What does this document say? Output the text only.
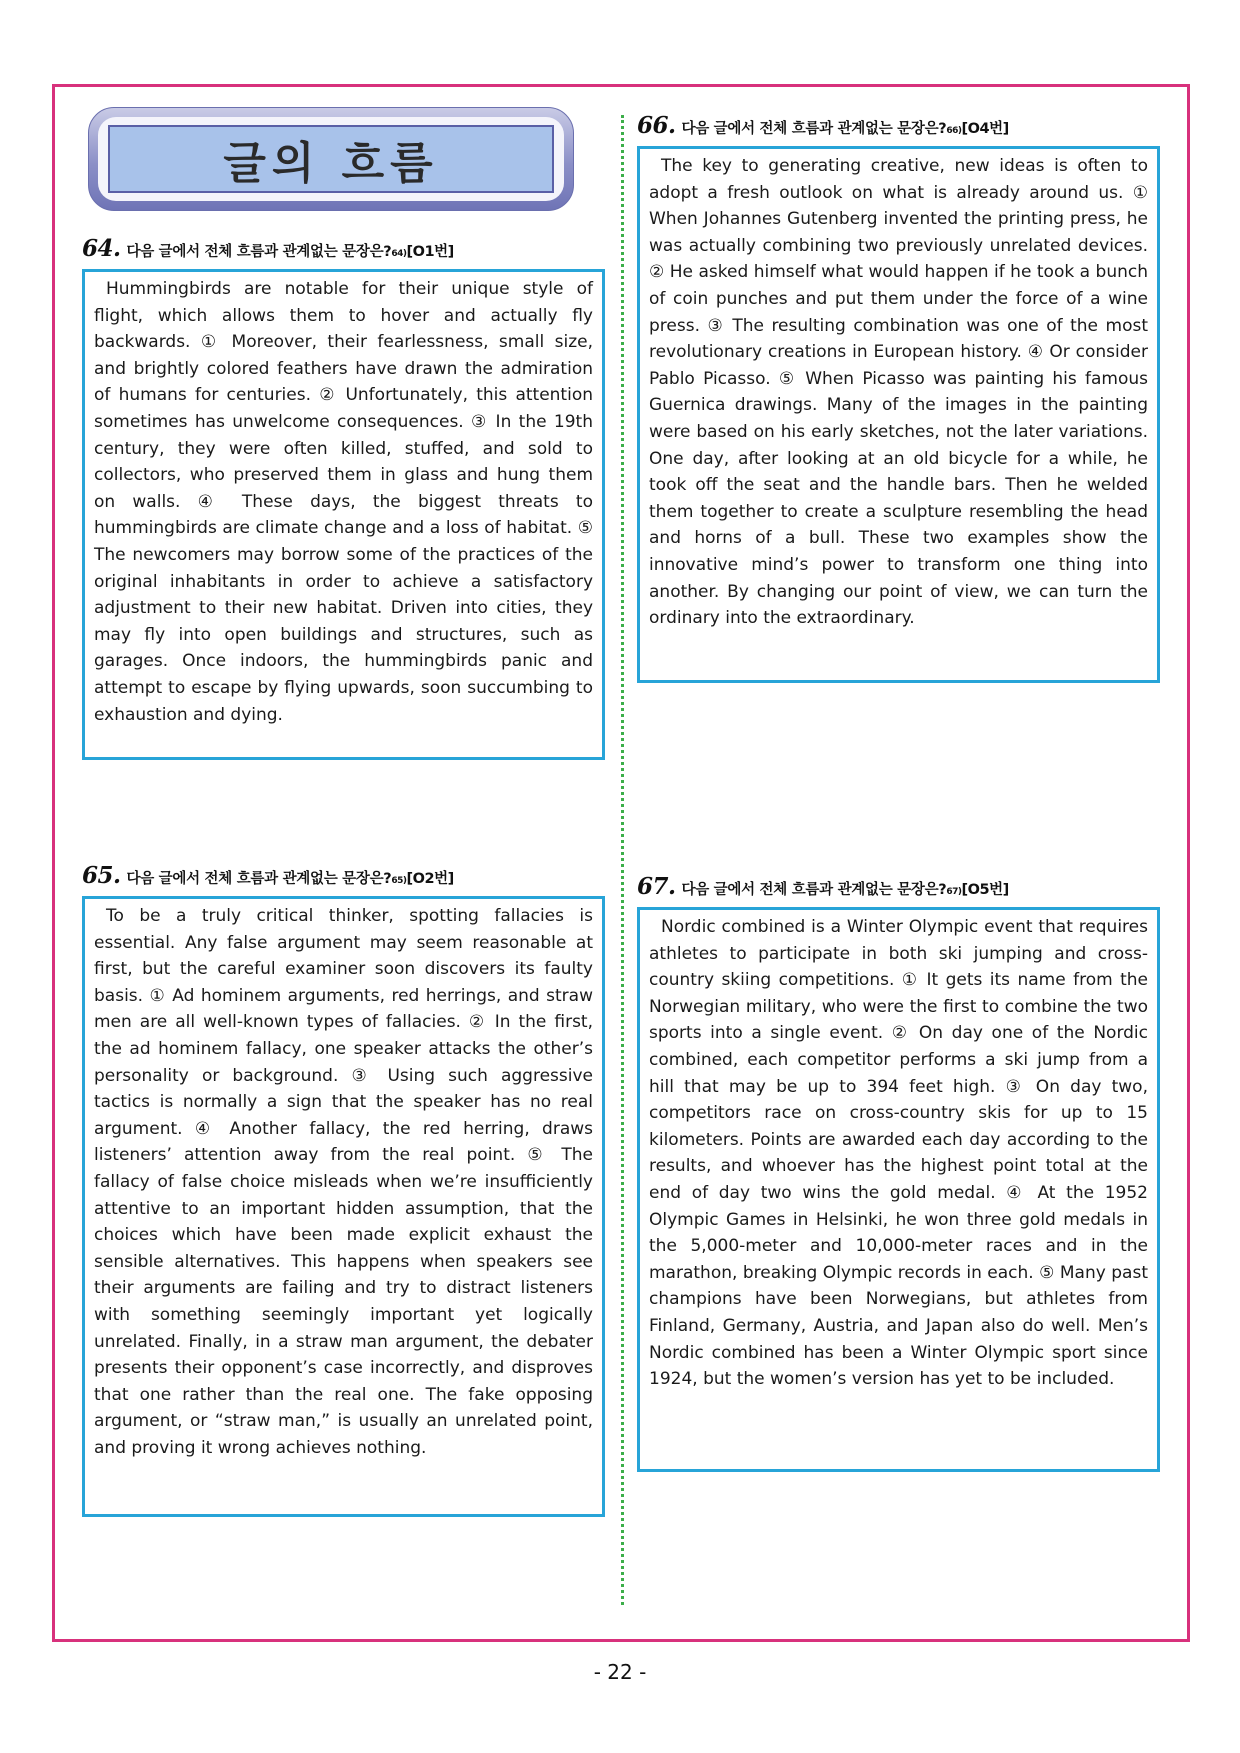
글의 흐름
64. 다음 글에서 전체 흐름과 관계없는 문장은$?_{64)}$ [O1번]

Hummingbirds are notable for their unique style of flight, which allows them to hover and actually fly backwards. ① Moreover, their fearlessness, small size, and brightly colored feathers have drawn the admiration of humans for centuries. ② Unfortunately, this attention sometimes has unwelcome consequences. ③ In the 19th century, they were often killed, stuffed, and sold to collectors, who preserved them in glass and hung them on walls. ④ These days, the biggest threats to hummingbirds are climate change and a loss of habitat. ⑤ The newcomers may borrow some of the practices of the original inhabitants in order to achieve a satisfactory adjustment to their new habitat. Driven into cities, they may fly into open buildings and structures, such as garages. Once indoors, the hummingbirds panic and attempt to escape by flying upwards, soon succumbing to exhaustion and dying.

65. 다음 글에서 전체 흐름과 관계없는 문장은$?_{65)}$ [O2번]

To be a truly critical thinker, spotting fallacies is essential. Any false argument may seem reasonable at first, but the careful examiner soon discovers its faulty basis. ① Ad hominem arguments, red herrings, and straw men are all well-known types of fallacies. ② In the first, the ad hominem fallacy, one speaker attacks the other’s personality or background. ③ Using such aggressive tactics is normally a sign that the speaker has no real argument. ④ Another fallacy, the red herring, draws listeners’ attention away from the real point. ⑤ The fallacy of false choice misleads when we’re insufficiently attentive to an important hidden assumption, that the choices which have been made explicit exhaust the sensible alternatives. This happens when speakers see their arguments are failing and try to distract listeners with something seemingly important yet logically unrelated. Finally, in a straw man argument, the debater presents their opponent’s case incorrectly, and disproves that one rather than the real one. The fake opposing argument, or “straw man,” is usually an unrelated point, and proving it wrong achieves nothing.

66. 다음 글에서 전체 흐름과 관계없는 문장은$?_{66)}$ [O4번]

The key to generating creative, new ideas is often to adopt a fresh outlook on what is already around us. ① When Johannes Gutenberg invented the printing press, he was actually combining two previously unrelated devices. ② He asked himself what would happen if he took a bunch of coin punches and put them under the force of a wine press. ③ The resulting combination was one of the most revolutionary creations in European history. ④ Or consider Pablo Picasso. ⑤ When Picasso was painting his famous Guernica drawings. Many of the images in the painting were based on his early sketches, not the later variations. One day, after looking at an old bicycle for a while, he took off the seat and the handle bars. Then he welded them together to create a sculpture resembling the head and horns of a bull. These two examples show the innovative mind’s power to transform one thing into another. By changing our point of view, we can turn the ordinary into the extraordinary.

67. 다음 글에서 전체 흐름과 관계없는 문장은$?_{67)}$ [O5번]

Nordic combined is a Winter Olympic event that requires athletes to participate in both ski jumping and cross-country skiing competitions. ① It gets its name from the Norwegian military, who were the first to combine the two sports into a single event. ② On day one of the Nordic combined, each competitor performs a ski jump from a hill that may be up to 394 feet high. ③ On day two, competitors race on cross-country skis for up to 15 kilometers. Points are awarded each day according to the results, and whoever has the highest point total at the end of day two wins the gold medal. ④ At the 1952 Olympic Games in Helsinki, he won three gold medals in the 5,000-meter and 10,000-meter races and in the marathon, breaking Olympic records in each. ⑤ Many past champions have been Norwegians, but athletes from Finland, Germany, Austria, and Japan also do well. Men’s Nordic combined has been a Winter Olympic sport since 1924, but the women’s version has yet to be included.

- 22 -
